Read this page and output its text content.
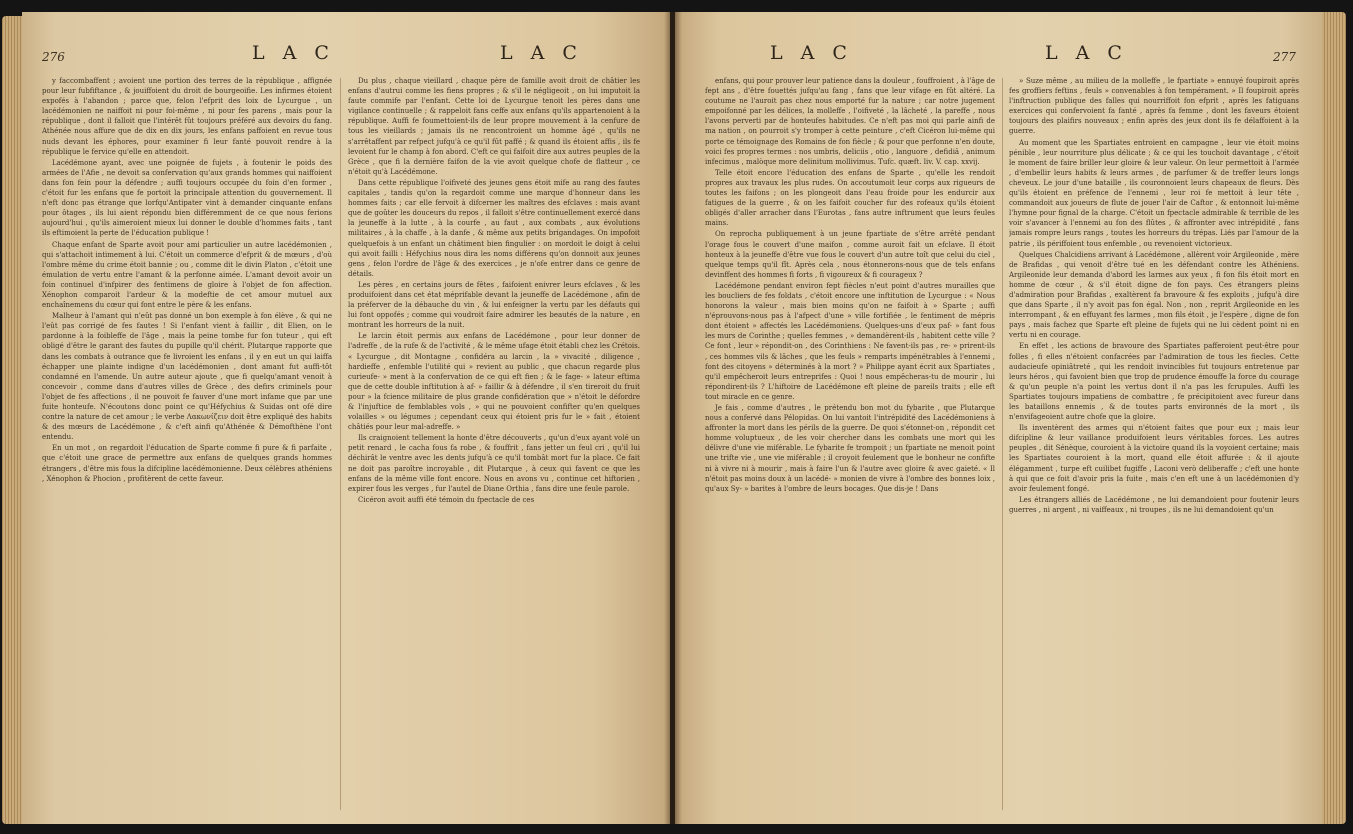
276	L A C	L A C

y faccombaffent ; avoient une portion des terres de la république , affignée pour leur fubfiftance , & jouiffoient du droit de bourgeoifie. Les infirmes étoient expofés à l'abandon ; parce que, felon l'efprit des loix de Lycurgue , un lacédémonien ne naiffoit ni pour foi-même , ni pour fes parens , mais pour la république , dont il falloit que l'intérêt fût toujours préféré aux devoirs du fang. Athénée nous affure que de dix en dix jours, les enfans paffoient en revue tous nuds devant les éphores, pour examiner fi leur fanté pouvoit rendre à la république le fervice qu'elle en attendoit.

Lacédémone ayant, avec une poignée de fujets , à foutenir le poids des armées de l'Afie , ne devoit sa confervation qu'aux grands hommes qui naiffoient dans fon fein pour la défendre ; auffi toujours occupée du foin d'en former , c'étoit fur les enfans que fe portoit la principale attention du gouvernement. Il n'eft donc pas étrange que lorfqu'Antipater vint à demander cinquante enfans pour ôtages , ils lui aient répondu bien différemment de ce que nous ferions aujourd'hui , qu'ils aimeroient mieux lui donner le double d'hommes faits , tant ils eftimoient la perte de l'éducation publique !

Chaque enfant de Sparte avoit pour ami particulier un autre lacédémonien , qui s'attachoit intimement à lui. C'étoit un commerce d'efprit & de mœurs , d'où l'ombre même du crime étoit bannie ; ou , comme dit le divin Platon , c'étoit une émulation de vertu entre l'amant & la perfonne aimée. L'amant devoit avoir un foin continuel d'infpirer des fentimens de gloire à l'objet de fon affection. Xénophon comparoit l'ardeur & la modeftie de cet amour mutuel aux enchaînemens du cœur qui font entre le père & les enfans.

Malheur à l'amant qui n'eût pas donné un bon exemple à fon élève , & qui ne l'eût pas corrigé de fes fautes ! Si l'enfant vient à faillir , dit Elien, on le pardonne à la foibleffe de l'âge , mais la peine tombe fur fon tuteur , qui eft obligé d'être le garant des fautes du pupille qu'il chérit. Plutarque rapporte que dans les combats à outrance que fe livroient les enfans , il y en eut un qui laiffa échapper une plainte indigne d'un lacédémonien , dont amant fut auffi-tôt condamné en l'amende. Un autre auteur ajoute , que fi quelqu'amant venoit à concevoir , comme dans d'autres villes de Grèce , des defirs criminels pour l'objet de fes affections , il ne pouvoit fe fauver d'une mort infame que par une fuite honteufe. N'écoutons donc point ce qu'Héfychius & Suidas ont ofé dire contre la nature de cet amour ; le verbe Λακωνίζειν doit être expliqué des habits & des mœurs de Lacédémone , & c'eft ainfi qu'Athénée & Démofthène l'ont entendu.

En un mot , on regardoit l'éducation de Sparte comme fi pure & fi parfaite , que c'étoit une grace de permettre aux enfans de quelques grands hommes étrangers , d'être mis fous la difcipline lacédémonienne. Deux célèbres athéniens , Xénophon & Phocion , profitèrent de cette faveur.

Du plus , chaque vieillard , chaque père de famille avoit droit de châtier les enfans d'autrui comme les fiens propres ; & s'il le négligeoit , on lui imputoit la faute commife par l'enfant. Cette loi de Lycurgue tenoit les pères dans une vigilance continuelle ; & rappeloit fans ceffe aux enfans qu'ils appartenoient à la république. Auffi fe foumettoient-ils de leur propre mouvement à la cenfure de tous les vieillards ; jamais ils ne rencontroient un homme âgé , qu'ils ne s'arrêtaffent par refpect jufqu'à ce qu'il fût paffé ; & quand ils étoient affis , ils fe levoient fur le champ à fon abord. C'eft ce qui faifoit dire aux autres peuples de la Grèce , que fi la dernière faifon de la vie avoit quelque chofe de flatteur , ce n'étoit qu'à Lacédémone.

Dans cette république l'oifiveté des jeunes gens étoit mife au rang des fautes capitales , tandis qu'on la regardoit comme une marque d'honneur dans les hommes faits ; car elle fervoit à difcerner les maîtres des efclaves : mais avant que de goûter les douceurs du repos , il falloit s'être continuellement exercé dans la jeuneffe à la lutte , à la courfe , au faut , aux combats , aux évolutions militaires , à la chaffe , à la danfe , & même aux petits brigandages. On impofoit quelquefois à un enfant un châtiment bien fingulier : on mordoit le doigt à celui qui avoit failli : Héfychius nous dira les noms différens qu'on donnoit aux jeunes gens , felon l'ordre de l'âge & des exercices , je n'ofe entrer dans ce genre de détails.

Les pères , en certains jours de fêtes , faifoient enivrer leurs efclaves , & les produifoient dans cet état méprifable devant la jeuneffe de Lacédémone , afin de la préferver de la débauche du vin , & lui enfeigner la vertu par les défauts qui lui font oppofés ; comme qui voudroit faire admirer les beautés de la nature , en montrant les horreurs de la nuit.

Le larcin étoit permis aux enfans de Lacédémone , pour leur donner de l'adreffe , de la rufe & de l'activité , & le même ufage étoit établi chez les Crétois. « Lycurgue , dit Montagne , confidéra au larcin , la » vivacité , diligence , hardieffe , enfemble l'utilité qui » revient au public , que chacun regarde plus curieufe- » ment à la confervation de ce qui eft fien ; & le fage- » lateur eftima que de cette double inftitution à af- » faillir & à défendre , il s'en tireroit du fruit pour » la fcience militaire de plus grande confidération que » n'étoit le défordre & l'injuftice de femblables vols , » qui ne pouvoient confifter qu'en quelques volailles » ou légumes ; cependant ceux qui étoient pris fur le » fait , étoient châtiés pour leur mal-adreffe. »

Ils craignoient tellement la honte d'être découverts , qu'un d'eux ayant volé un petit renard , le cacha fous fa robe , & fouffrit , fans jetter un feul cri , qu'il lui déchirât le ventre avec les dents jufqu'à ce qu'il tombât mort fur la place. Ce fait ne doit pas paroître incroyable , dit Plutarque , à ceux qui favent ce que les enfans de la même ville font encore. Nous en avons vu , continue cet hiftorien , expirer fous les verges , fur l'autel de Diane Orthia , fans dire une feule parole.

Cicéron avoit auffi été témoin du fpectacle de ces

L A C	L A C	277

enfans, qui pour prouver leur patience dans la douleur , fouffroient , à l'âge de fept ans , d'être fouettés jufqu'au fang , fans que leur vifage en fût altéré. La coutume ne l'auroit pas chez nous emporté fur la nature ; car notre jugement empoifonné par les délices, la molleffe , l'oifiveté , la lâcheté , la pareffe , nous l'avons perverti par de honteufes habitudes. Ce n'eft pas moi qui parle ainfi de ma nation , on pourroit s'y tromper à cette peinture , c'eft Cicéron lui-même qui porte ce témoignage des Romains de fon fiècle ; & pour que perfonne n'en doute, voici fes propres termes : nos umbris, deliciis , otio , languore , defidiâ , animum infecimus , malòque more delinitum mollivimus. Tufc. quæft. liv. V. cap. xxvij.

Telle étoit encore l'éducation des enfans de Sparte , qu'elle les rendoit propres aux travaux les plus rudes. On accoutumoit leur corps aux rigueurs de toutes les faifons ; on les plongeoit dans l'eau froide pour les endurcir aux fatigues de la guerre , & on les faifoit coucher fur des rofeaux qu'ils étoient obligés d'aller arracher dans l'Eurotas , fans autre inftrument que leurs feules mains.

On reprocha publiquement à un jeune fpartiate de s'être arrêté pendant l'orage fous le couvert d'une maifon , comme auroit fait un efclave. Il étoit honteux à la jeuneffe d'être vue fous le couvert d'un autre toît que celui du ciel , quelque temps qu'il fît. Après cela , nous étonnerons-nous que de tels enfans devinffent des hommes fi forts , fi vigoureux & fi courageux ?

Lacédémone pendant environ fept fiècles n'eut point d'autres murailles que les boucliers de fes foldats , c'étoit encore une inftitution de Lycurgue : « Nous honorons la valeur , mais bien moins qu'on ne faifoit à » Sparte ; auffi n'éprouvons-nous pas à l'afpect d'une » ville fortifiée , le fentiment de mépris dont étoient » affectés les Lacédémoniens. Quelques-uns d'eux paf- » fant fous les murs de Corinthe ; quelles femmes , » demandèrent-ils , habitent cette ville ? Ce font , leur » répondit-on , des Corinthiens : Ne favent-ils pas , re- » prirent-ils , ces hommes vils & lâches , que les feuls » remparts impénétrables à l'ennemi , font des citoyens » déterminés à la mort ? » Philippe ayant écrit aux Spartiates , qu'il empêcheroit leurs entreprifes : Quoi ! nous empêcheras-tu de mourir , lui répondirent-ils ? L'hiftoire de Lacédémone eft pleine de pareils traits ; elle eft tout miracle en ce genre.

Je fais , comme d'autres , le prétendu bon mot du fybarite , que Plutarque nous a confervé dans Pélopidas. On lui vantoit l'intrépidité des Lacédémoniens à affronter la mort dans les périls de la guerre. De quoi s'étonnet-on , répondit cet homme voluptueux , de les voir chercher dans les combats une mort qui les délivre d'une vie miférable. Le fybarite fe trompoit ; un fpartiate ne menoit point une trifte vie , une vie miférable ; il croyoit feulement que le bonheur ne confifte ni à vivre ni à mourir , mais à faire l'un & l'autre avec gloire & avec gaieté. « Il n'étoit pas moins doux à un lacédé- » monien de vivre à l'ombre des bonnes loix , qu'aux Sy- » barites à l'ombre de leurs bocages. Que dis-je ! Dans

» Suze même , au milieu de la molleffe , le fpartiate » ennuyé foupiroit après fes groffiers feftins , feuls » convenables à fon tempérament. » Il foupiroit après l'inftruction publique des falles qui nourriffoit fon efprit , après les fatiguans exercices qui confervoient fa fanté , après fa femme , dont les faveurs étoient toujours des plaifirs nouveaux ; enfin après des jeux dont ils fe délaffoient à la guerre.

Au moment que les Spartiates entroient en campagne , leur vie étoit moins pénible , leur nourriture plus délicate ; & ce qui les touchoit davantage , c'étoit le moment de faire briller leur gloire & leur valeur. On leur permettoit à l'armée , d'embellir leurs habits & leurs armes , de parfumer & de treffer leurs longs cheveux. Le jour d'une bataille , ils couronnoient leurs chapeaux de fleurs. Dès qu'ils étoient en préfence de l'ennemi , leur roi fe mettoit à leur tête , commandoit aux joueurs de flute de jouer l'air de Caftor , & entonnoit lui-même l'hymne pour fignal de la charge. C'étoit un fpectacle admirable & terrible de les voir s'avancer à l'ennemi au fon des flûtes , & affronter avec intrépidité , fans jamais rompre leurs rangs , toutes les horreurs du trépas. Liés par l'amour de la patrie , ils périffoient tous enfemble , ou revenoient victorieux.

Quelques Chalcidiens arrivant à Lacédémone , allèrent voir Argileonide , mère de Brafidas , qui venoit d'être tué en les défendant contre les Athéniens. Argileonide leur demanda d'abord les larmes aux yeux , fi fon fils étoit mort en homme de cœur , & s'il étoit digne de fon pays. Ces étrangers pleins d'admiration pour Brafidas , exaltèrent fa bravoure & fes exploits , jufqu'à dire que dans Sparte , il n'y avoit pas fon égal. Non , non , reprit Argileonide en les interrompant , & en effuyant fes larmes , mon fils étoit , je l'espère , digne de fon pays , mais fachez que Sparte eft pleine de fujets qui ne lui cèdent point ni en vertu ni en courage.

En effet , les actions de bravoure des Spartiates pafferoient peut-être pour folles , fi elles n'étoient confacrées par l'admiration de tous les fiecles. Cette audacieufe opiniâtreté , qui les rendoit invincibles fut toujours entretenue par leurs héros , qui favoient bien que trop de prudence émouffe la force du courage & qu'un peuple n'a point les vertus dont il n'a pas les fcrupules. Auffi les Spartiates toujours impatiens de combattre , fe précipitoient avec fureur dans les bataillons ennemis , & de toutes parts environnés de la mort , ils n'envifageoient autre chofe que la gloire.

Ils inventèrent des armes qui n'étoient faites que pour eux ; mais leur difcipline & leur vaillance produifoient leurs véritables forces. Les autres peuples , dit Sénèque, couroient à la victoire quand ils la voyoient certaine; mais les Spartiates couroient à la mort, quand elle étoit affurée : & il ajoute élégamment , turpe eft cuilibet fugiffe , Laconi verò deliberaffe ; c'eft une honte à qui que ce foit d'avoir pris la fuite , mais c'en eft une à un lacédémonien d'y avoir feulement fongé.

Les étrangers alliés de Lacédémone , ne lui demandoient pour foutenir leurs guerres , ni argent , ni vaiffeaux , ni troupes , ils ne lui demandoient qu'un
